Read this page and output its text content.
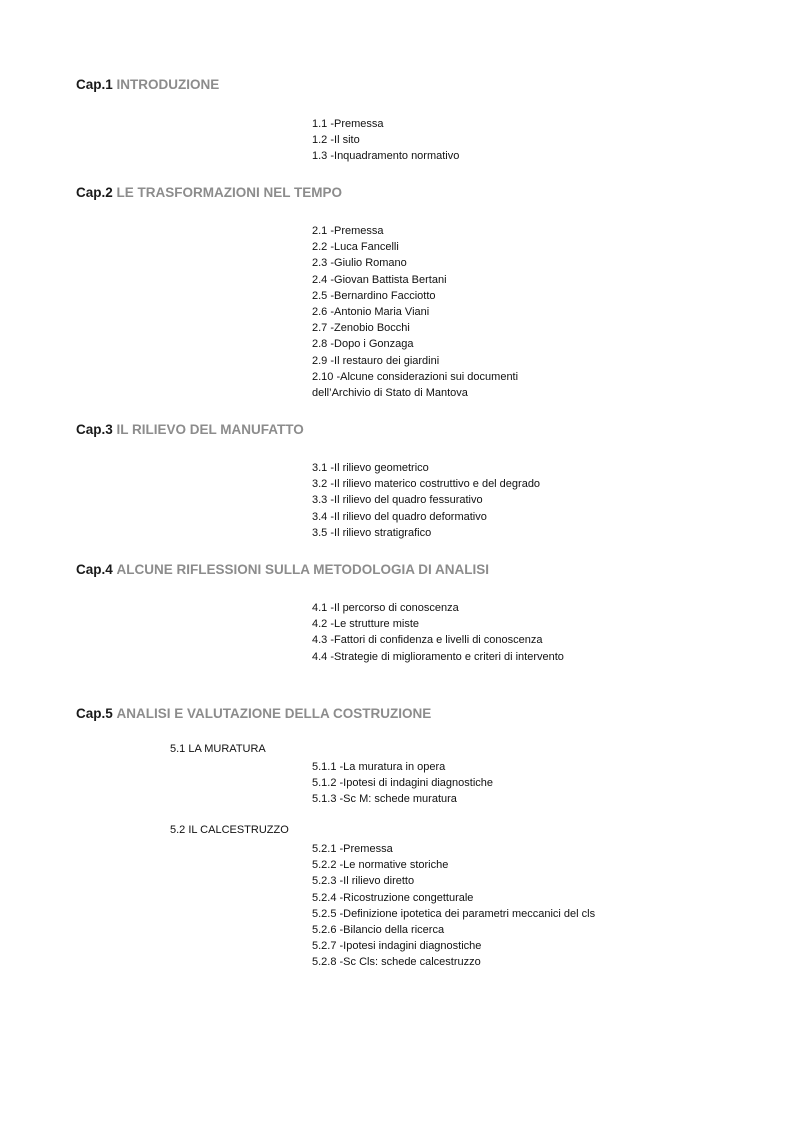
Cap.1 INTRODUZIONE
1.1 -Premessa
1.2 -Il sito
1.3 -Inquadramento normativo
Cap.2 LE TRASFORMAZIONI NEL TEMPO
2.1 -Premessa
2.2 -Luca Fancelli
2.3 -Giulio Romano
2.4 -Giovan Battista Bertani
2.5 -Bernardino Facciotto
2.6 -Antonio Maria Viani
2.7 -Zenobio Bocchi
2.8 -Dopo i Gonzaga
2.9 -Il restauro dei giardini
2.10 -Alcune considerazioni sui documenti
dell’Archivio di Stato di Mantova
Cap.3 IL RILIEVO DEL MANUFATTO
3.1 -Il rilievo geometrico
3.2 -Il rilievo materico costruttivo e del degrado
3.3 -Il rilievo del quadro fessurativo
3.4 -Il rilievo del quadro deformativo
3.5 -Il rilievo stratigrafico
Cap.4 ALCUNE RIFLESSIONI SULLA METODOLOGIA DI ANALISI
4.1 -Il percorso di conoscenza
4.2 -Le strutture miste
4.3 -Fattori di confidenza e livelli di conoscenza
4.4 -Strategie di miglioramento e criteri di intervento
Cap.5 ANALISI E VALUTAZIONE DELLA COSTRUZIONE
5.1 LA MURATURA
5.1.1 -La muratura in opera
5.1.2 -Ipotesi di indagini diagnostiche
5.1.3 -Sc M: schede muratura
5.2 IL CALCESTRUZZO
5.2.1 -Premessa
5.2.2 -Le normative storiche
5.2.3 -Il rilievo diretto
5.2.4 -Ricostruzione congetturale
5.2.5 -Definizione ipotetica dei parametri meccanici del cls
5.2.6 -Bilancio della ricerca
5.2.7 -Ipotesi indagini diagnostiche
5.2.8 -Sc Cls: schede calcestruzzo
